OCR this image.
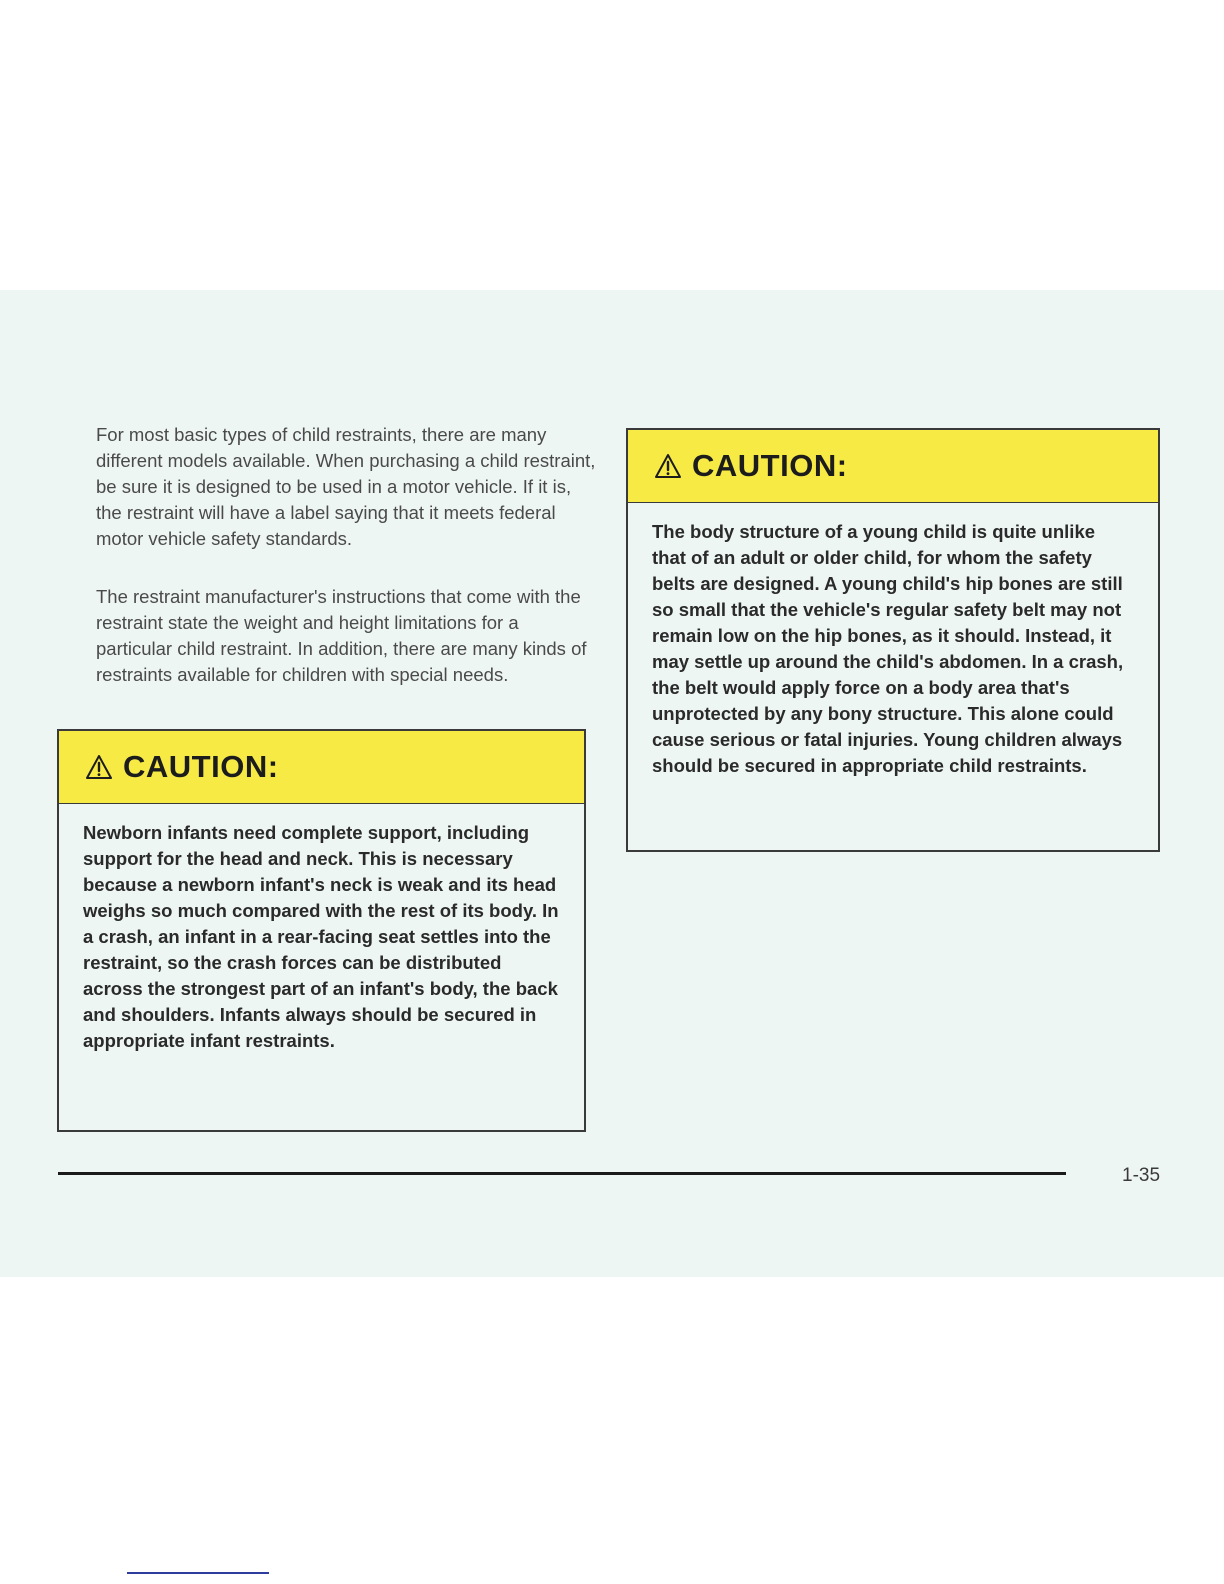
For most basic types of child restraints, there are many different models available. When purchasing a child restraint, be sure it is designed to be used in a motor vehicle. If it is, the restraint will have a label saying that it meets federal motor vehicle safety standards.

The restraint manufacturer's instructions that come with the restraint state the weight and height limitations for a particular child restraint. In addition, there are many kinds of restraints available for children with special needs.

CAUTION:

Newborn infants need complete support, including support for the head and neck. This is necessary because a newborn infant's neck is weak and its head weighs so much compared with the rest of its body. In a crash, an infant in a rear-facing seat settles into the restraint, so the crash forces can be distributed across the strongest part of an infant's body, the back and shoulders. Infants always should be secured in appropriate infant restraints.

CAUTION:

The body structure of a young child is quite unlike that of an adult or older child, for whom the safety belts are designed. A young child's hip bones are still so small that the vehicle's regular safety belt may not remain low on the hip bones, as it should. Instead, it may settle up around the child's abdomen. In a crash, the belt would apply force on a body area that's unprotected by any bony structure. This alone could cause serious or fatal injuries. Young children always should be secured in appropriate child restraints.

1-35
